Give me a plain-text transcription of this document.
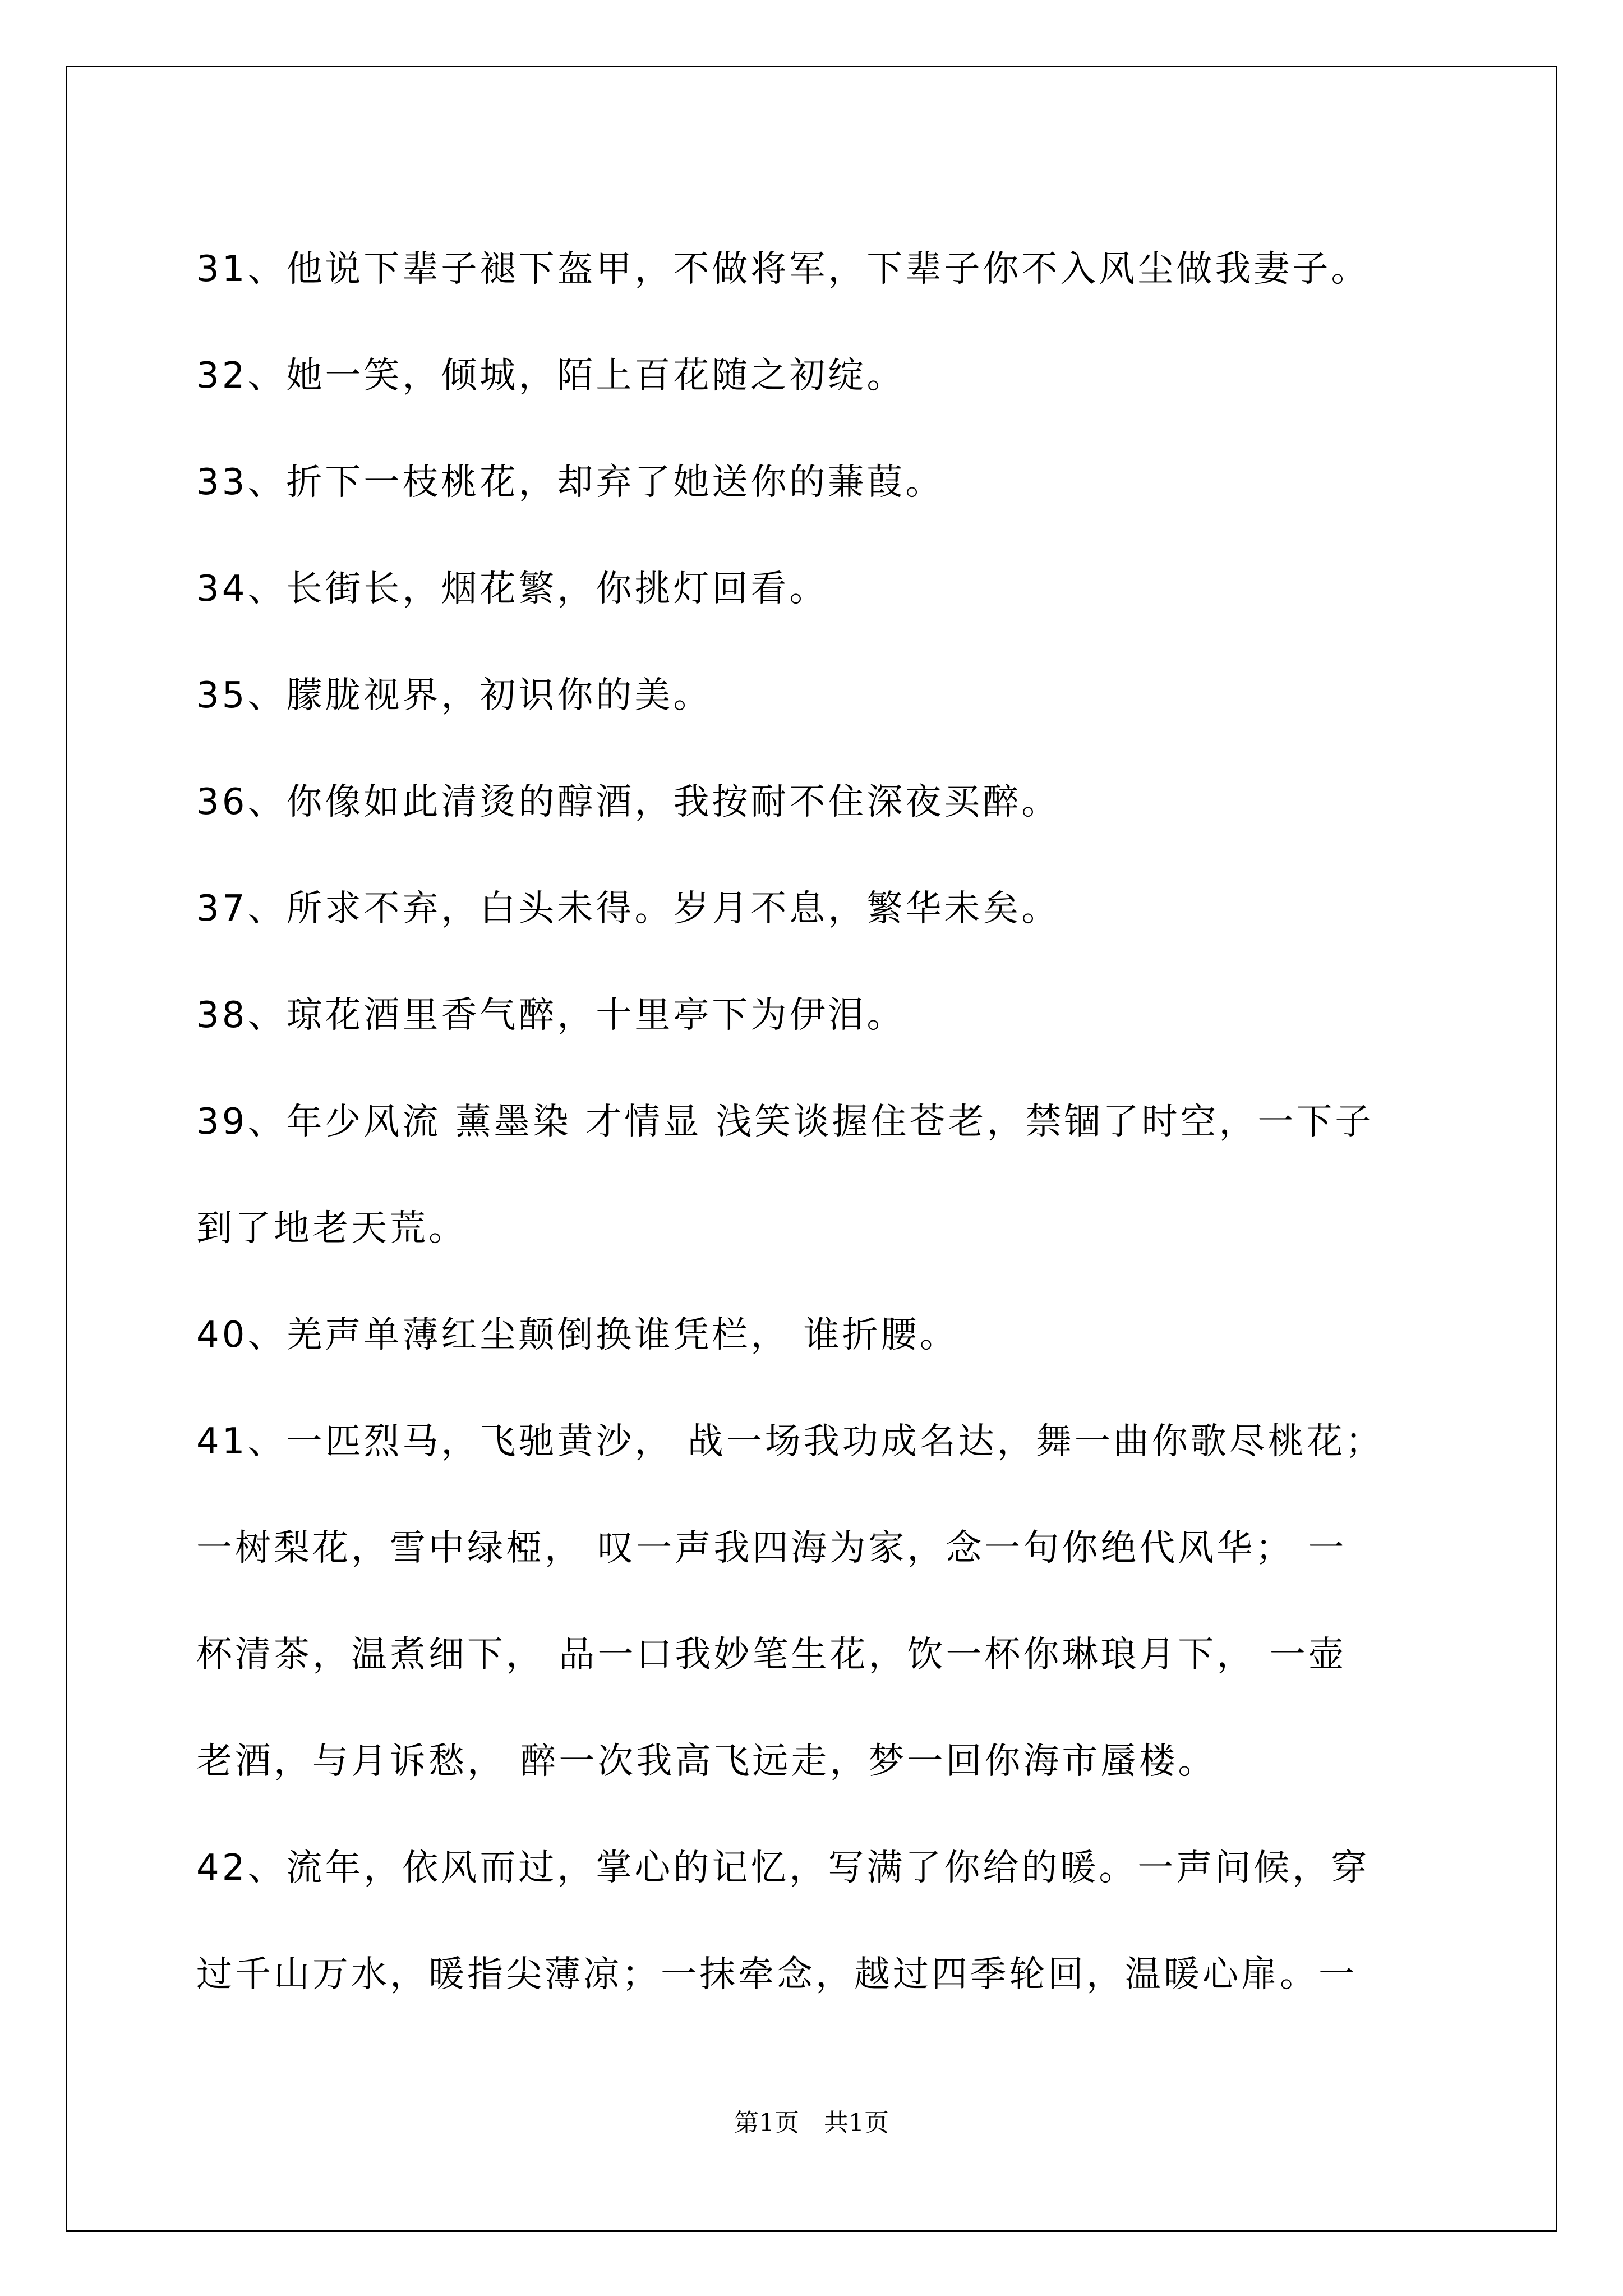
31、他说下辈子褪下盔甲，不做将军，下辈子你不入风尘做我妻子。
32、她一笑，倾城，陌上百花随之初绽。
33、折下一枝桃花，却弃了她送你的蒹葭。
34、长街长，烟花繁，你挑灯回看。
35、朦胧视界，初识你的美。
36、你像如此清烫的醇酒，我按耐不住深夜买醉。
37、所求不弃，白头未得。岁月不息，繁华未矣。
38、琼花酒里香气醉，十里亭下为伊泪。
39、年少风流 薰墨染 才情显 浅笑谈握住苍老，禁锢了时空，一下子
到了地老天荒。
40、羌声单薄红尘颠倒换谁凭栏， 谁折腰。
41、一匹烈马，飞驰黄沙， 战一场我功成名达，舞一曲你歌尽桃花；
一树梨花，雪中绿椏， 叹一声我四海为家，念一句你绝代风华； 一
杯清茶，温煮细下， 品一口我妙笔生花，饮一杯你琳琅月下， 一壶
老酒，与月诉愁， 醉一次我高飞远走，梦一回你海市蜃楼。
42、流年，依风而过，掌心的记忆，写满了你给的暖。一声问候，穿
过千山万水，暖指尖薄凉；一抹牵念，越过四季轮回，温暖心扉。一
第1页 共1页
